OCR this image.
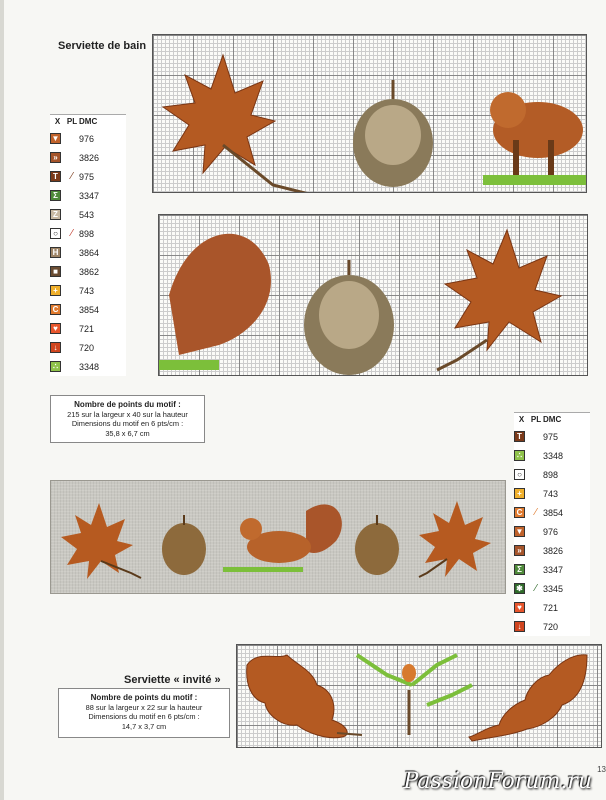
Serviette de bain
X PL DMC
▼ 976
»	3826
T	⁄ 975
Σ	3347
Z	543
○	⁄ 898
H 3864
■	3862
+	743
C 3854
♥	721
↓	720
∴	3348
Nombre de points du motif :
215 sur la largeur x 40 sur la hauteur
Dimensions du motif en 6 pts/cm :
35,8 x 6,7 cm
X PL DMC
T	975
∴	3348
○	898
+	743
C	⁄ 3854
▼ 976
»	3826
Σ	3347
✱	⁄ 3345
♥	721
↓	720
Serviette « invité »
Nombre de points du motif :
88 sur la largeur x 22 sur la hauteur
Dimensions du motif en 6 pts/cm :
14,7 x 3,7 cm
13
PassionForum.ru
